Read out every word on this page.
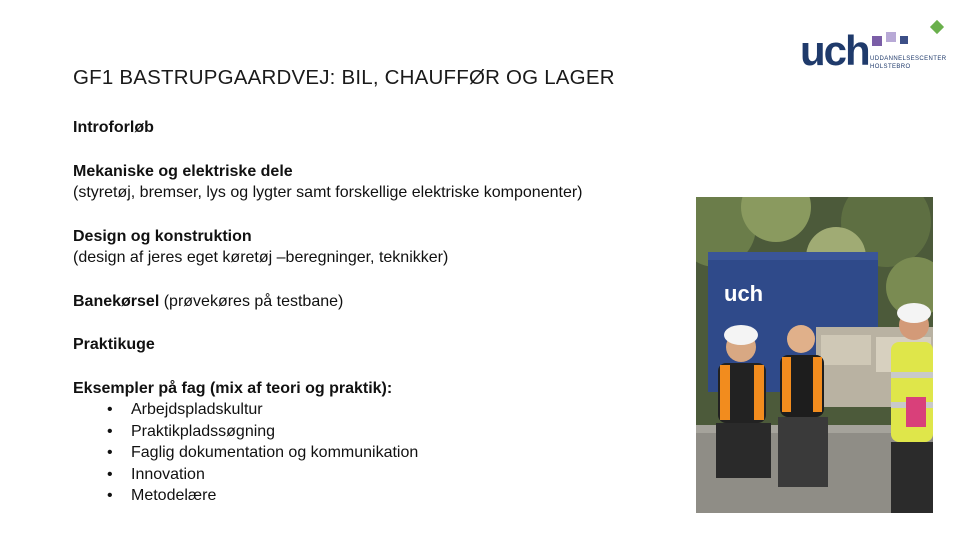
GF1 BASTRUPGAARDVEJ: BIL, CHAUFFØR OG LAGER
uch UDDANNELSESCENTER
HOLSTEBRO

Introforløb

Mekaniske og elektriske dele

(styretøj, bremser, lys og lygter samt forskellige elektriske komponenter)

Design og konstruktion

(design af jeres eget køretøj –beregninger, teknikker)

Banekørsel (prøvekøres på testbane)

Praktikuge

Eksempler på fag (mix af teori og praktik):

• Arbejdspladskultur
• Praktikpladssøgning
• Faglig dokumentation og kommunikation
• Innovation
• Metodelære
uch
